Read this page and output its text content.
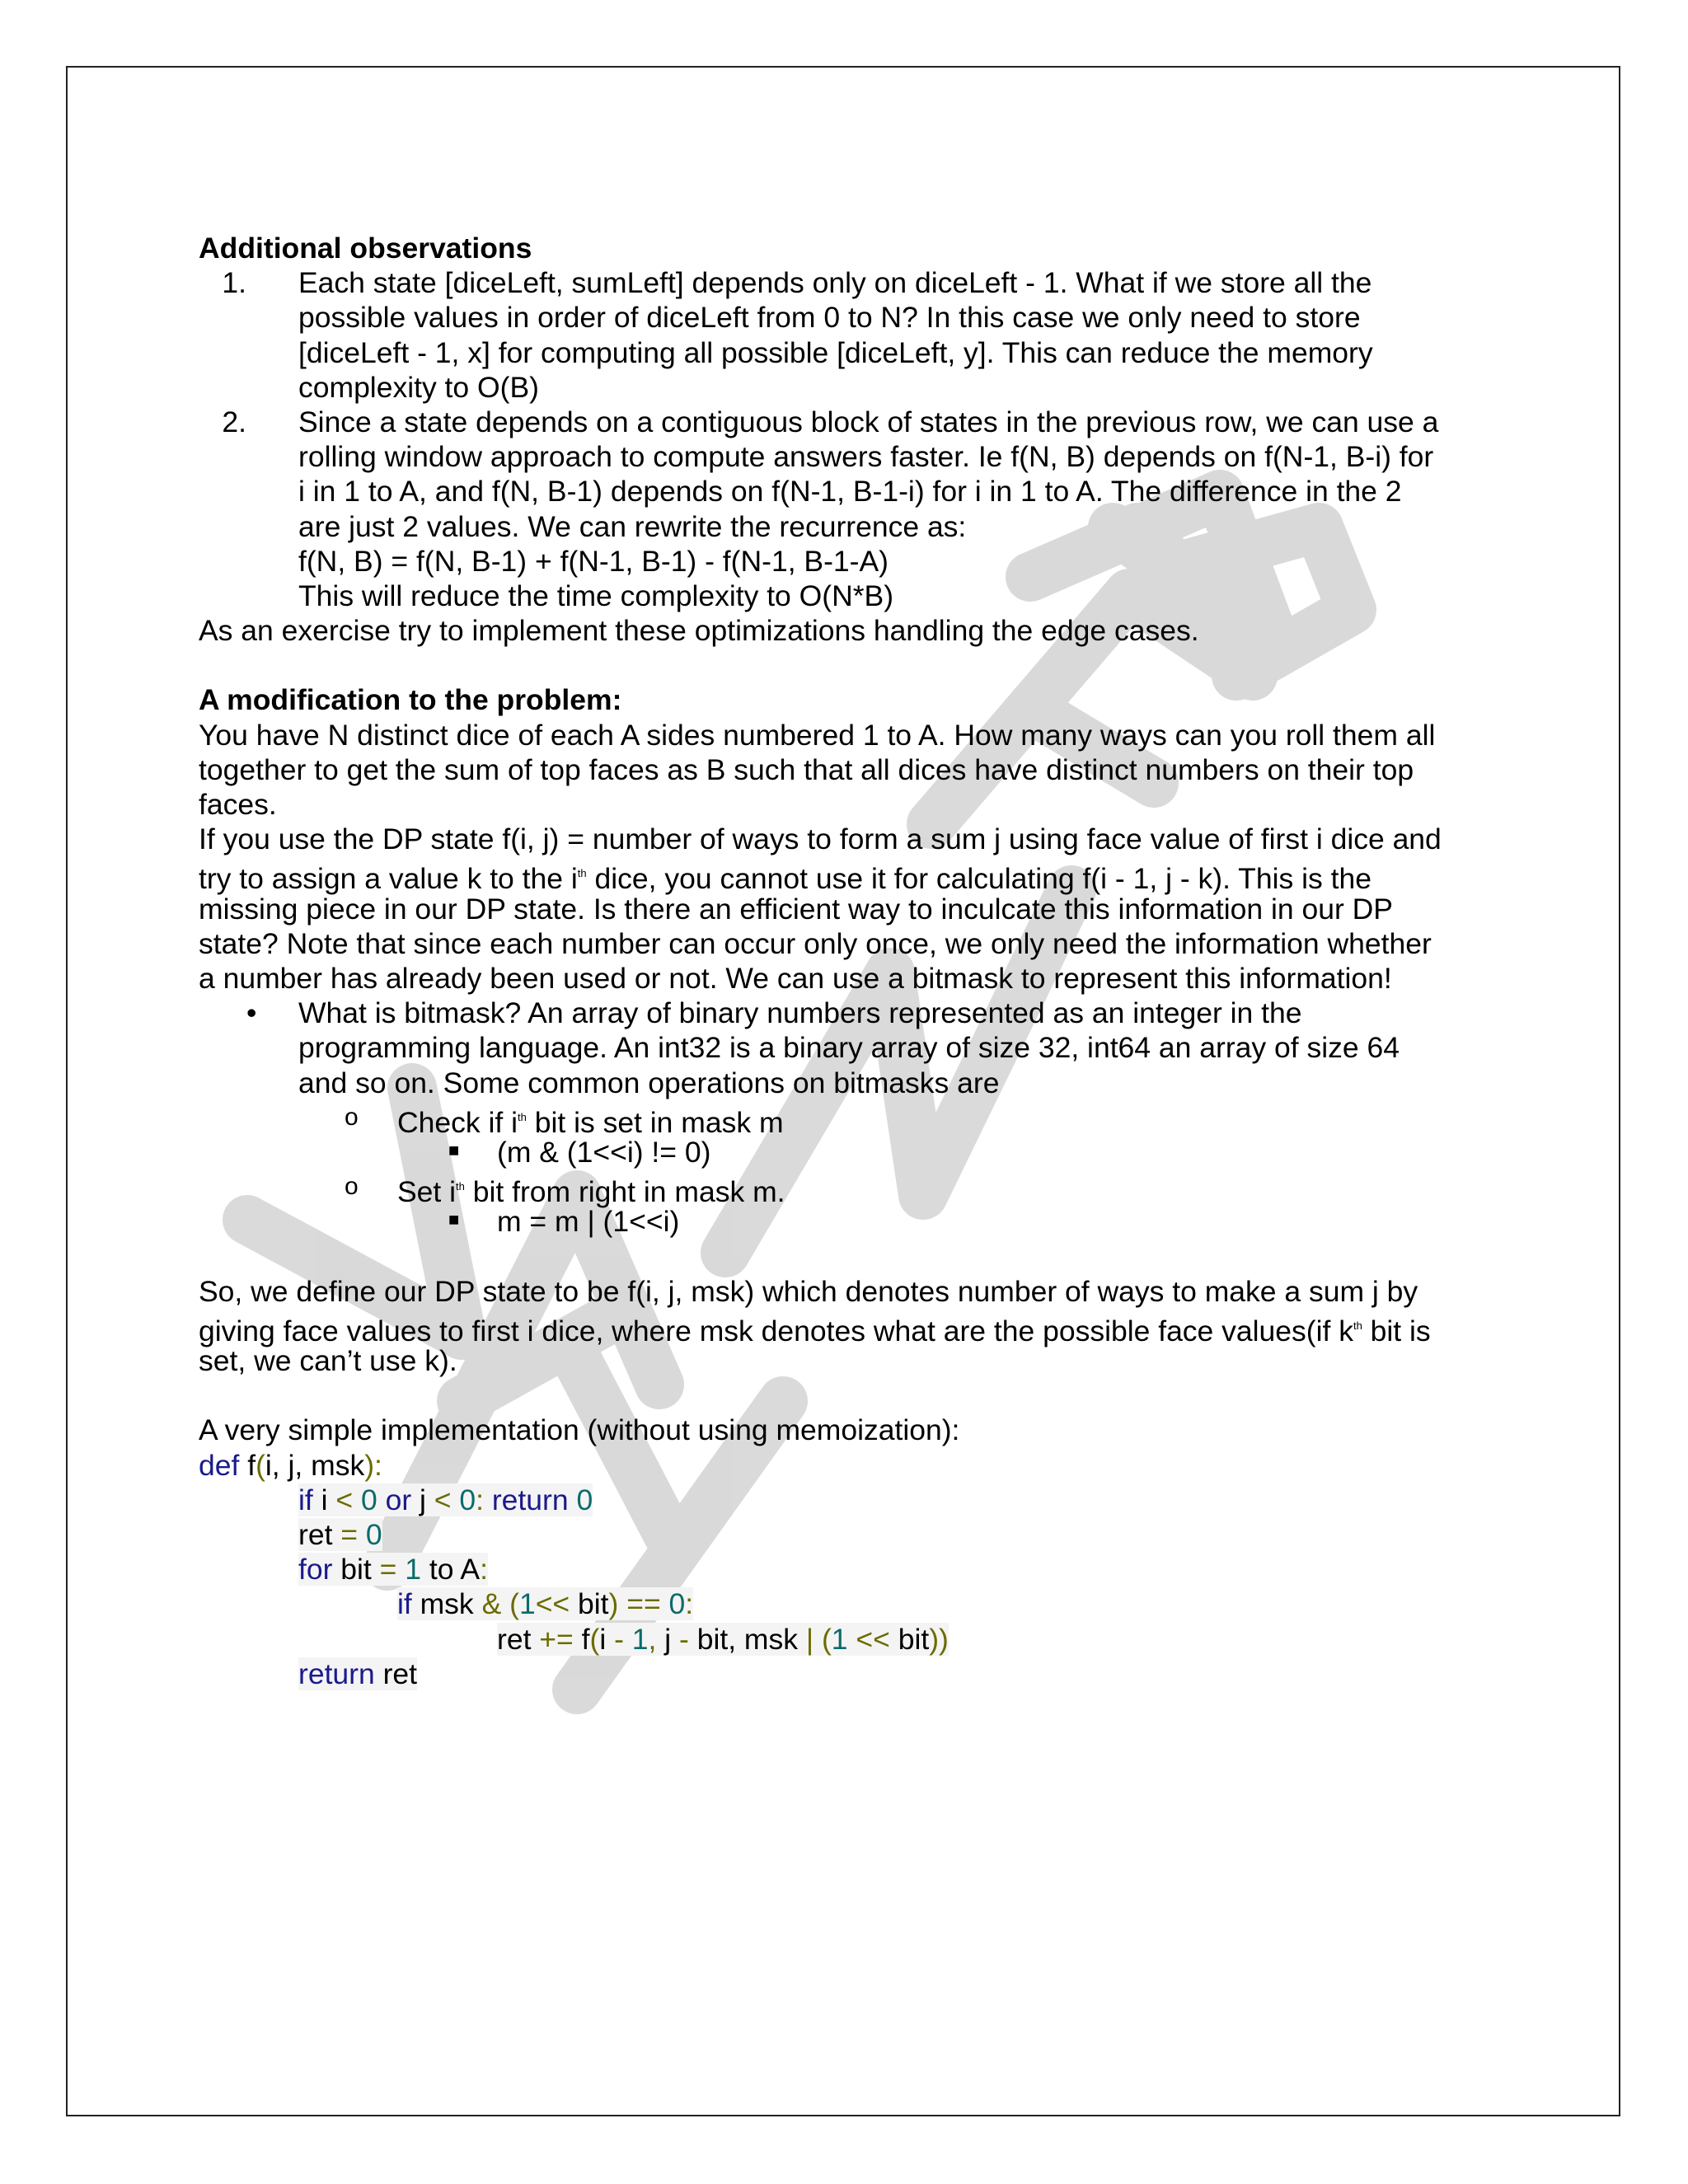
Additional observations
1. Each state [diceLeft, sumLeft] depends only on diceLeft - 1. What if we store all the
possible values in order of diceLeft from 0 to N? In this case we only need to store
[diceLeft - 1, x] for computing all possible [diceLeft, y]. This can reduce the memory
complexity to O(B)
2. Since a state depends on a contiguous block of states in the previous row, we can use a
rolling window approach to compute answers faster. Ie f(N, B) depends on f(N-1, B-i) for
i in 1 to A, and f(N, B-1) depends on f(N-1, B-1-i) for i in 1 to A. The difference in the 2
are just 2 values. We can rewrite the recurrence as:
f(N, B) = f(N, B-1) + f(N-1, B-1) - f(N-1, B-1-A)
This will reduce the time complexity to O(N*B)
As an exercise try to implement these optimizations handling the edge cases.
A modification to the problem:
You have N distinct dice of each A sides numbered 1 to A. How many ways can you roll them all
together to get the sum of top faces as B such that all dices have distinct numbers on their top
faces.
If you use the DP state f(i, j) = number of ways to form a sum j using face value of first i dice and
try to assign a value k to the $i^{th}$ dice, you cannot use it for calculating f(i - 1, j - k). This is the
missing piece in our DP state. Is there an efficient way to inculcate this information in our DP
state? Note that since each number can occur only once, we only need the information whether
a number has already been used or not. We can use a bitmask to represent this information!
• What is bitmask? An array of binary numbers represented as an integer in the
programming language. An int32 is a binary array of size 32, int64 an array of size 64
and so on. Some common operations on bitmasks are
o Check if $i^{th}$ bit is set in mask m
■ (m & (1<<i) != 0)
o Set $i^{th}$ bit from right in mask m.
■ m = m | (1<<i)
So, we define our DP state to be f(i, j, msk) which denotes number of ways to make a sum j by
giving face values to first i dice, where msk denotes what are the possible face values(if $k^{th}$ bit is
set, we can’t use k).
A very simple implementation (without using memoization):
def f(i, j, msk):
if i < 0 or j < 0: return 0
ret = 0
for bit = 1 to A:
if msk & (1<< bit) == 0:
ret += f(i - 1, j - bit, msk | (1 << bit))
return ret
